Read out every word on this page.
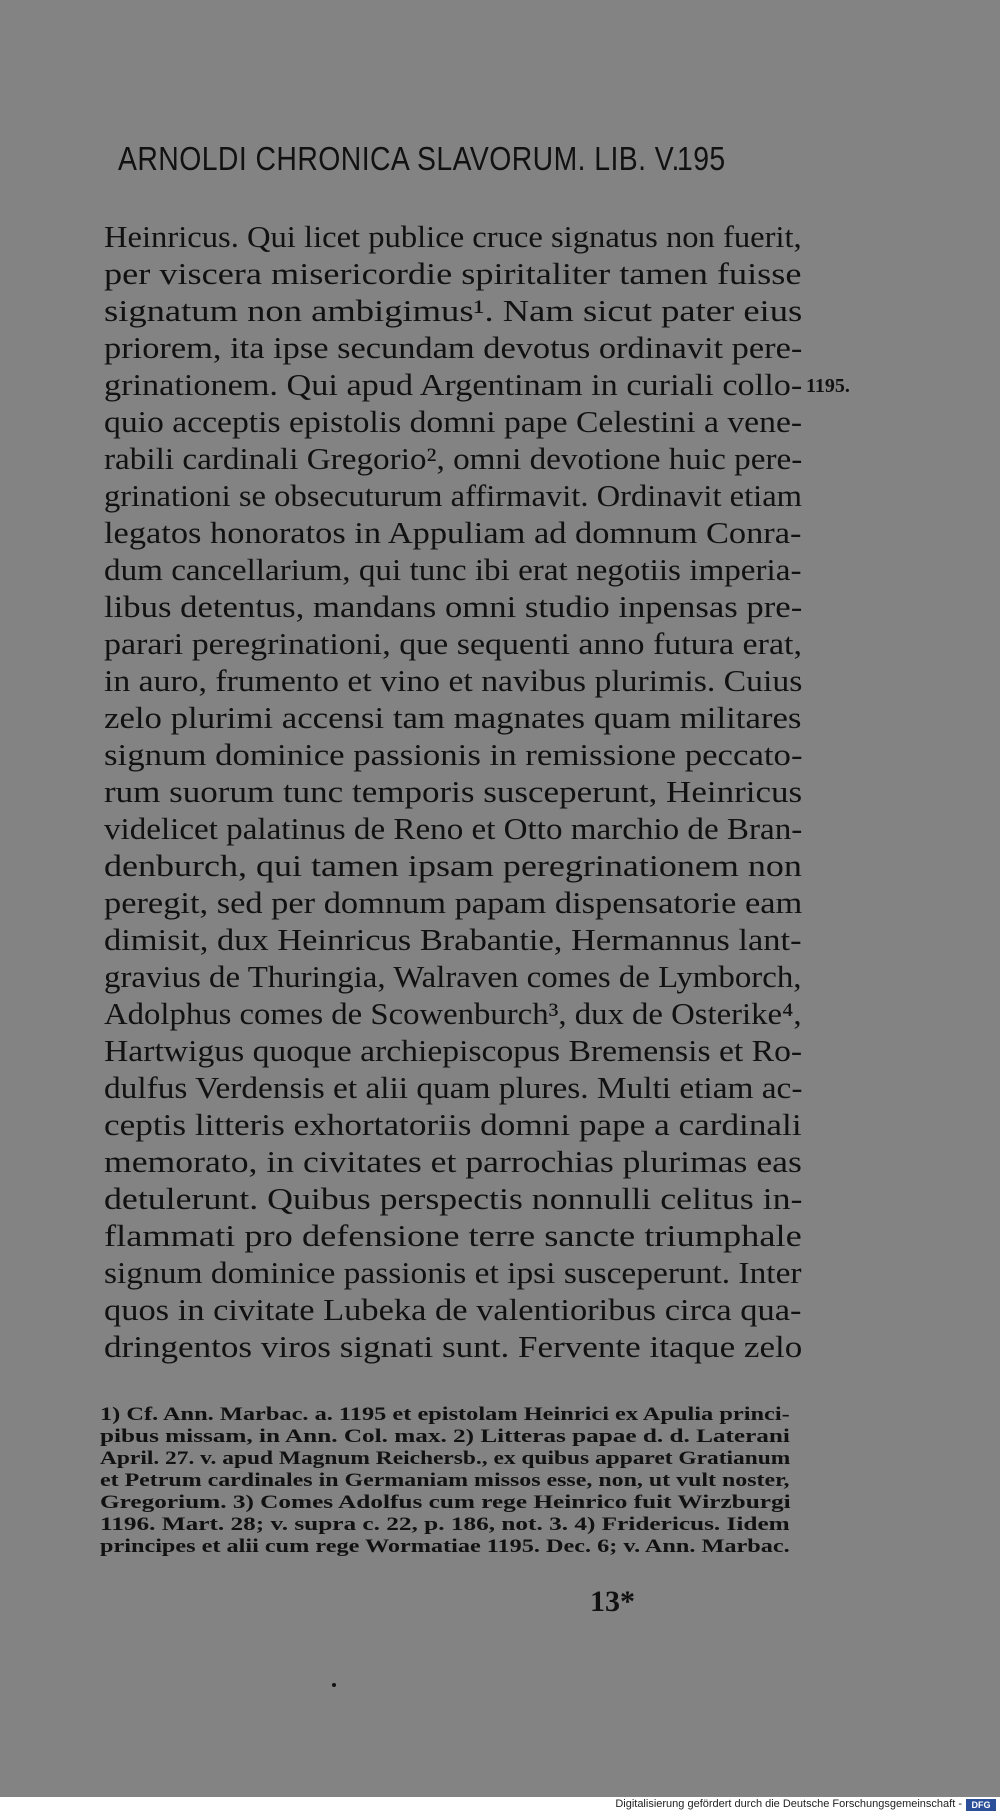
ARNOLDI CHRONICA SLAVORUM. LIB. V.
195
1195.
Heinricus. Qui licet publice cruce signatus non fuerit,
per viscera misericordie spiritaliter tamen fuisse
signatum non ambigimus¹. Nam sicut pater eius
priorem, ita ipse secundam devotus ordinavit pere-
grinationem. Qui apud Argentinam in curiali collo-
quio acceptis epistolis domni pape Celestini a vene-
rabili cardinali Gregorio², omni devotione huic pere-
grinationi se obsecuturum affirmavit. Ordinavit etiam
legatos honoratos in Appuliam ad domnum Conra-
dum cancellarium, qui tunc ibi erat negotiis imperia-
libus detentus, mandans omni studio inpensas pre-
parari peregrinationi, que sequenti anno futura erat,
in auro, frumento et vino et navibus plurimis. Cuius
zelo plurimi accensi tam magnates quam militares
signum dominice passionis in remissione peccato-
rum suorum tunc temporis susceperunt, Heinricus
videlicet palatinus de Reno et Otto marchio de Bran-
denburch, qui tamen ipsam peregrinationem non
peregit, sed per domnum papam dispensatorie eam
dimisit, dux Heinricus Brabantie, Hermannus lant-
gravius de Thuringia, Walraven comes de Lymborch,
Adolphus comes de Scowenburch³, dux de Osterike⁴,
Hartwigus quoque archiepiscopus Bremensis et Ro-
dulfus Verdensis et alii quam plures. Multi etiam ac-
ceptis litteris exhortatoriis domni pape a cardinali
memorato, in civitates et parrochias plurimas eas
detulerunt. Quibus perspectis nonnulli celitus in-
flammati pro defensione terre sancte triumphale
signum dominice passionis et ipsi susceperunt. Inter
quos in civitate Lubeka de valentioribus circa qua-
dringentos viros signati sunt. Fervente itaque zelo
1) Cf. Ann. Marbac. a. 1195 et epistolam Heinrici ex Apulia princi-
pibus missam, in Ann. Col. max. 2) Litteras papae d. d. Laterani
April. 27. v. apud Magnum Reichersb., ex quibus apparet Gratianum
et Petrum cardinales in Germaniam missos esse, non, ut vult noster,
Gregorium. 3) Comes Adolfus cum rege Heinrico fuit Wirzburgi
1196. Mart. 28; v. supra c. 22, p. 186, not. 3. 4) Fridericus. Iidem
principes et alii cum rege Wormatiae 1195. Dec. 6; v. Ann. Marbac.
13*
Digitalisierung gefördert durch die Deutsche Forschungsgemeinschaft -	DFG
